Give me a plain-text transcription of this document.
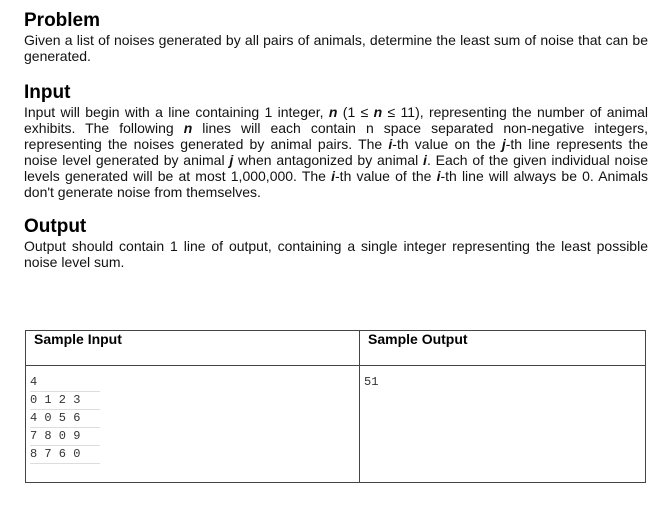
Problem

Given a list of noises generated by all pairs of animals, determine the least sum of noise that can be generated.

Input

Input will begin with a line containing 1 integer, n (1 ≤ n ≤ 11), representing the number of animal exhibits. The following n lines will each contain n space separated non-negative integers, representing the noises generated by animal pairs. The i-th value on the j-th line represents the noise level generated by animal j when antagonized by animal i. Each of the given individual noise levels generated will be at most 1,000,000. The i-th value of the i-th line will always be 0. Animals don't generate noise from themselves.

Output

Output should contain 1 line of output, containing a single integer representing the least possible noise level sum.

Sample Input	Sample Output

4
0 1 2 3
4 0 5 6
7 8 0 9
8 7 6 0	51
